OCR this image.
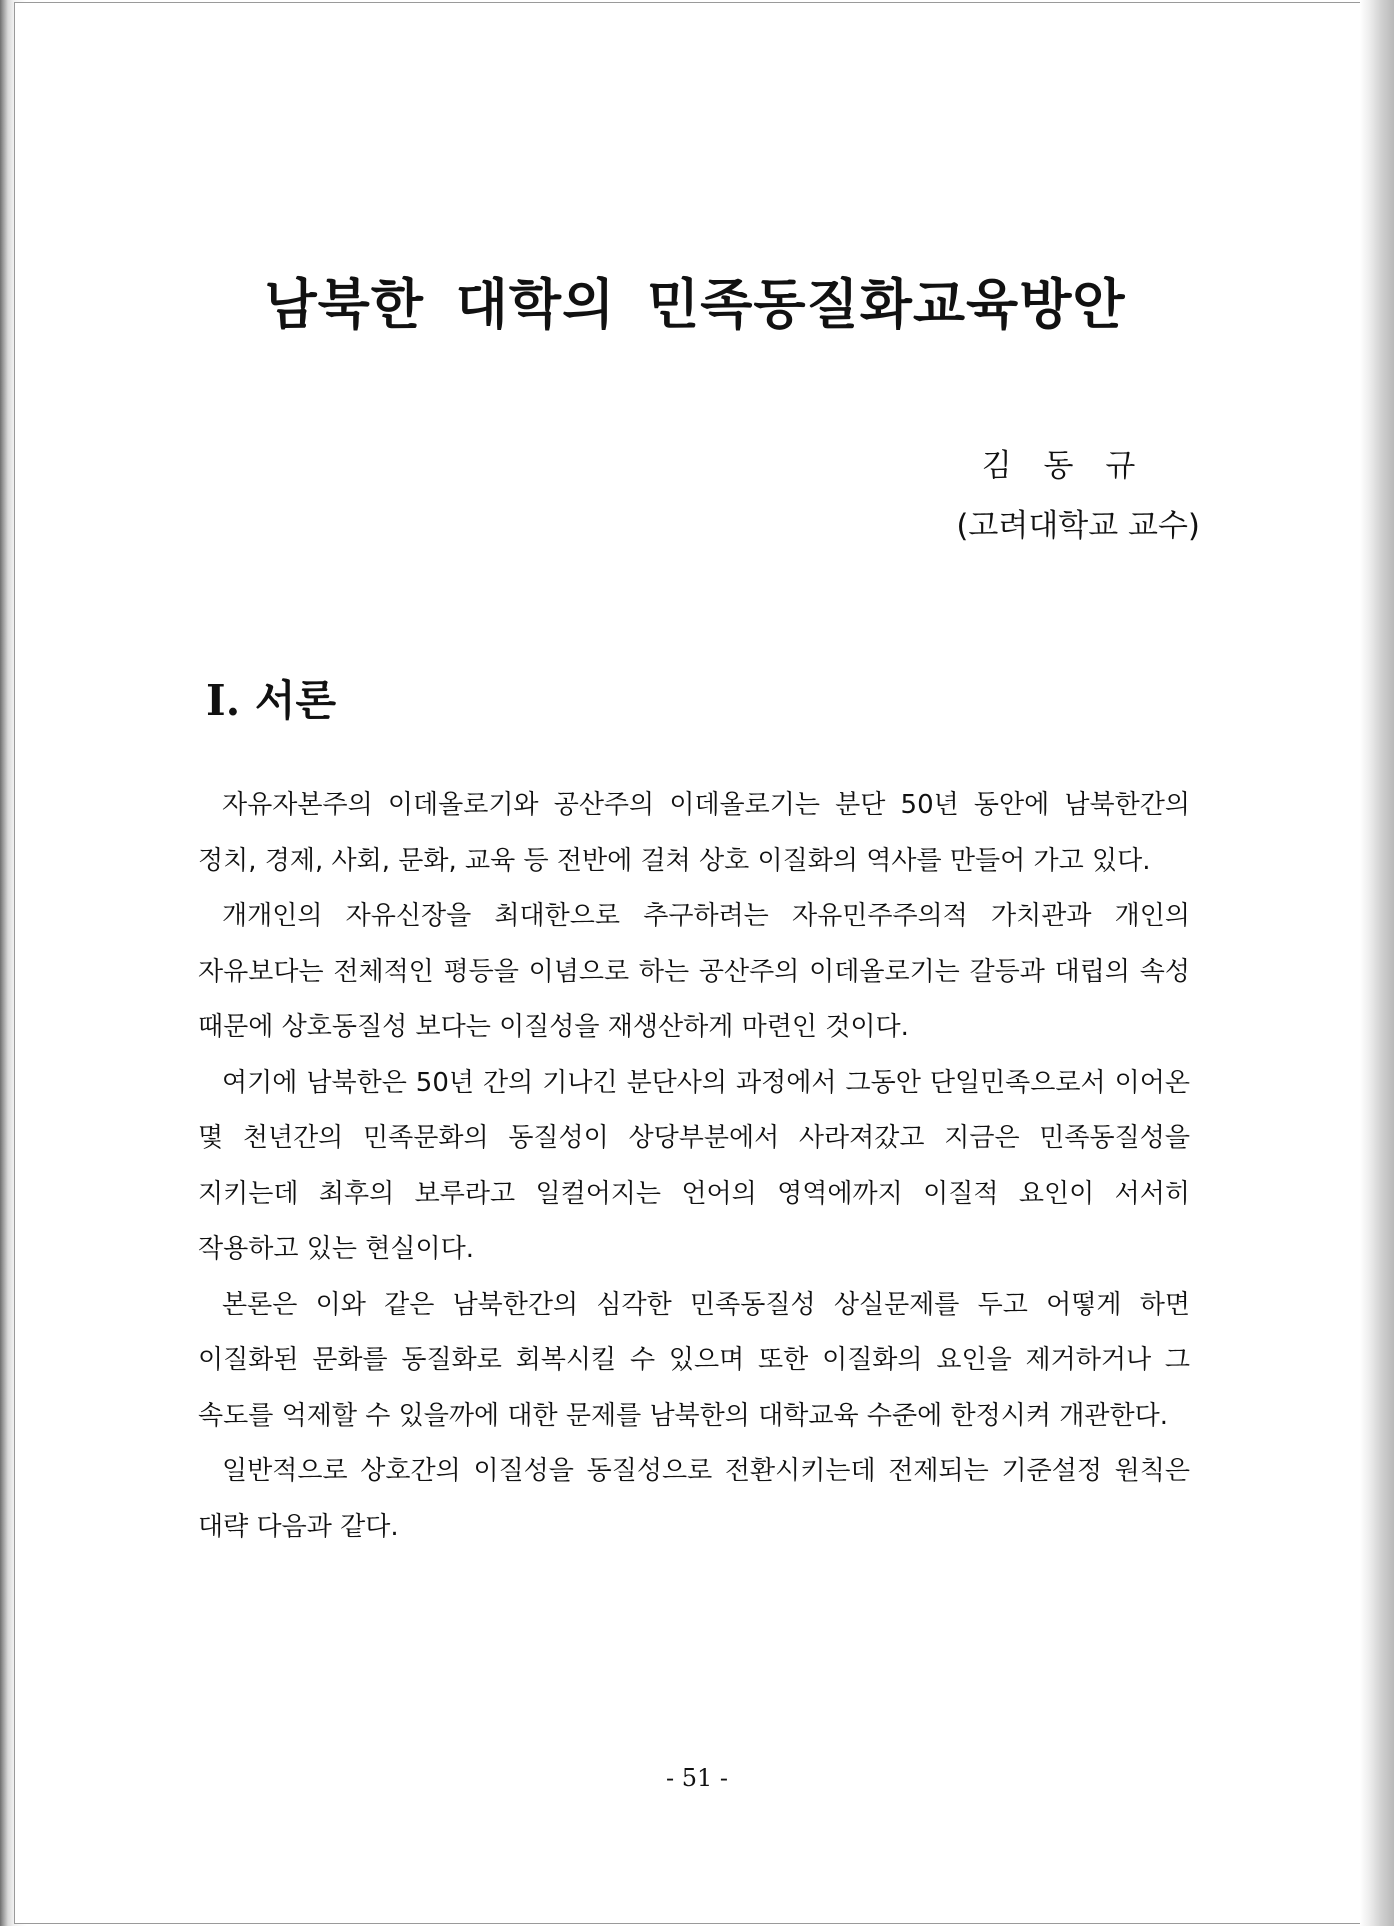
남북한 대학의 민족동질화교육방안
김 동 규
(고려대학교 교수)
Ⅰ. 서론

자유자본주의 이데올로기와 공산주의 이데올로기는 분단 50년 동안에 남북한간의 정치, 경제, 사회, 문화, 교육 등 전반에 걸쳐 상호 이질화의 역사를 만들어 가고 있다.

개개인의 자유신장을 최대한으로 추구하려는 자유민주주의적 가치관과 개인의 자유보다는 전체적인 평등을 이념으로 하는 공산주의 이데올로기는 갈등과 대립의 속성 때문에 상호동질성 보다는 이질성을 재생산하게 마련인 것이다.

여기에 남북한은 50년 간의 기나긴 분단사의 과정에서 그동안 단일민족으로서 이어온 몇 천년간의 민족문화의 동질성이 상당부분에서 사라져갔고 지금은 민족동질성을 지키는데 최후의 보루라고 일컬어지는 언어의 영역에까지 이질적 요인이 서서히 작용하고 있는 현실이다.

본론은 이와 같은 남북한간의 심각한 민족동질성 상실문제를 두고 어떻게 하면 이질화된 문화를 동질화로 회복시킬 수 있으며 또한 이질화의 요인을 제거하거나 그 속도를 억제할 수 있을까에 대한 문제를 남북한의 대학교육 수준에 한정시켜 개관한다.

일반적으로 상호간의 이질성을 동질성으로 전환시키는데 전제되는 기준설정 원칙은 대략 다음과 같다.

- 51 -
